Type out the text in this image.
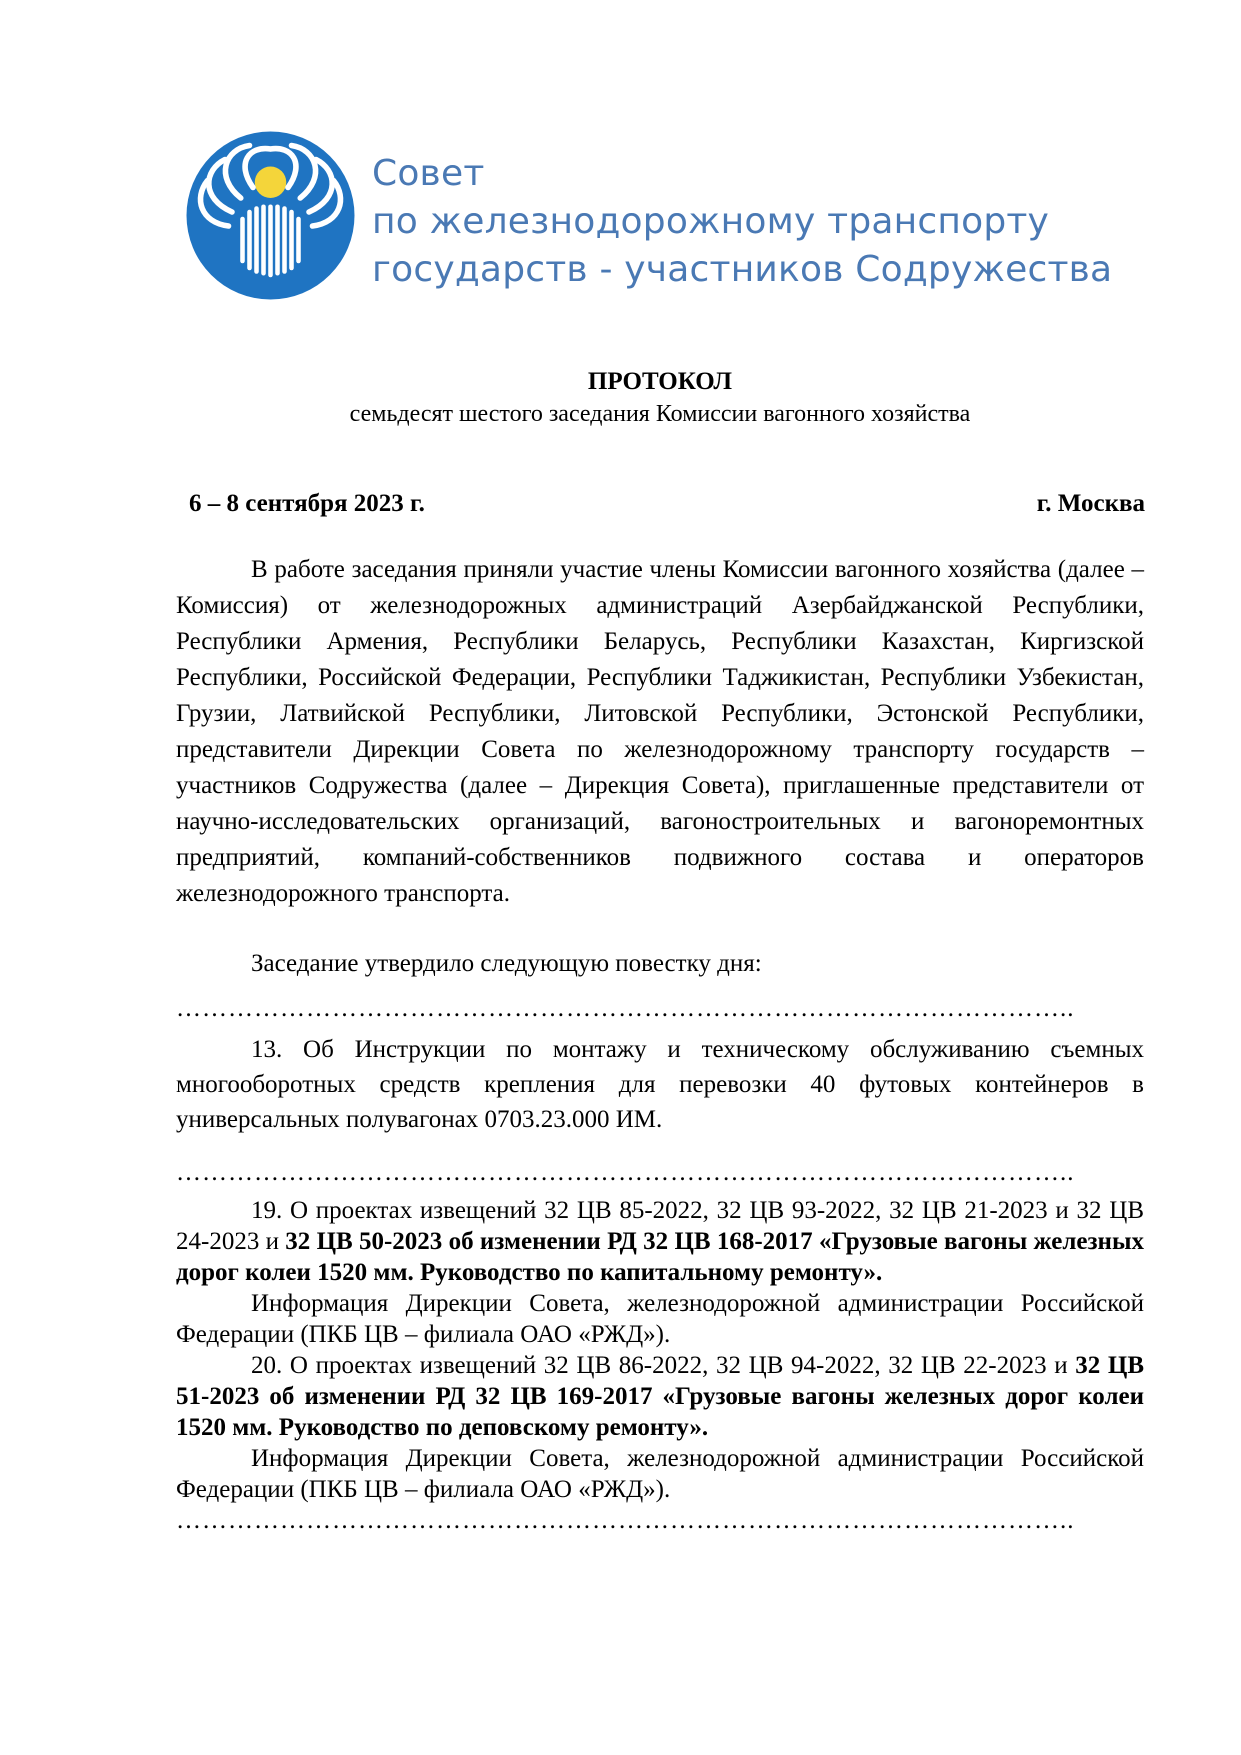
Совет
по железнодорожному транспорту
государств - участников Содружества
ПРОТОКОЛ
семьдесят шестого заседания Комиссии вагонного хозяйства
6 – 8 сентября 2023 г.	г. Москва
В работе заседания приняли участие члены Комиссии вагонного хозяйства (далее – Комиссия) от железнодорожных администраций Азербайджанской Республики, Республики Армения, Республики Беларусь, Республики Казахстан, Киргизской Республики, Российской Федерации, Республики Таджикистан, Республики Узбекистан, Грузии, Латвийской Республики, Литовской Республики, Эстонской Республики, представители Дирекции Совета по железнодорожному транспорту государств – участников Содружества (далее – Дирекция Совета), приглашенные представители от научно-исследовательских организаций, вагоностроительных и вагоноремонтных предприятий, компаний-собственников подвижного состава и операторов железнодорожного транспорта.
Заседание утвердило следующую повестку дня:
…………………………………………………………………………………………..
13. Об Инструкции по монтажу и техническому обслуживанию съемных многооборотных средств крепления для перевозки 40 футовых контейнеров в универсальных полувагонах 0703.23.000 ИМ.
…………………………………………………………………………………………..
19. О проектах извещений 32 ЦВ 85-2022, 32 ЦВ 93-2022, 32 ЦВ 21-2023 и 32 ЦВ 24-2023 и 32 ЦВ 50-2023 об изменении РД 32 ЦВ 168-2017 «Грузовые вагоны железных дорог колеи 1520 мм. Руководство по капитальному ремонту».
Информация Дирекции Совета, железнодорожной администрации Российской Федерации (ПКБ ЦВ – филиала ОАО «РЖД»).
20. О проектах извещений 32 ЦВ 86-2022, 32 ЦВ 94-2022, 32 ЦВ 22-2023 и 32 ЦВ 51-2023 об изменении РД 32 ЦВ 169-2017 «Грузовые вагоны железных дорог колеи 1520 мм. Руководство по деповскому ремонту».
Информация Дирекции Совета, железнодорожной администрации Российской Федерации (ПКБ ЦВ – филиала ОАО «РЖД»).
…………………………………………………………………………………………..
